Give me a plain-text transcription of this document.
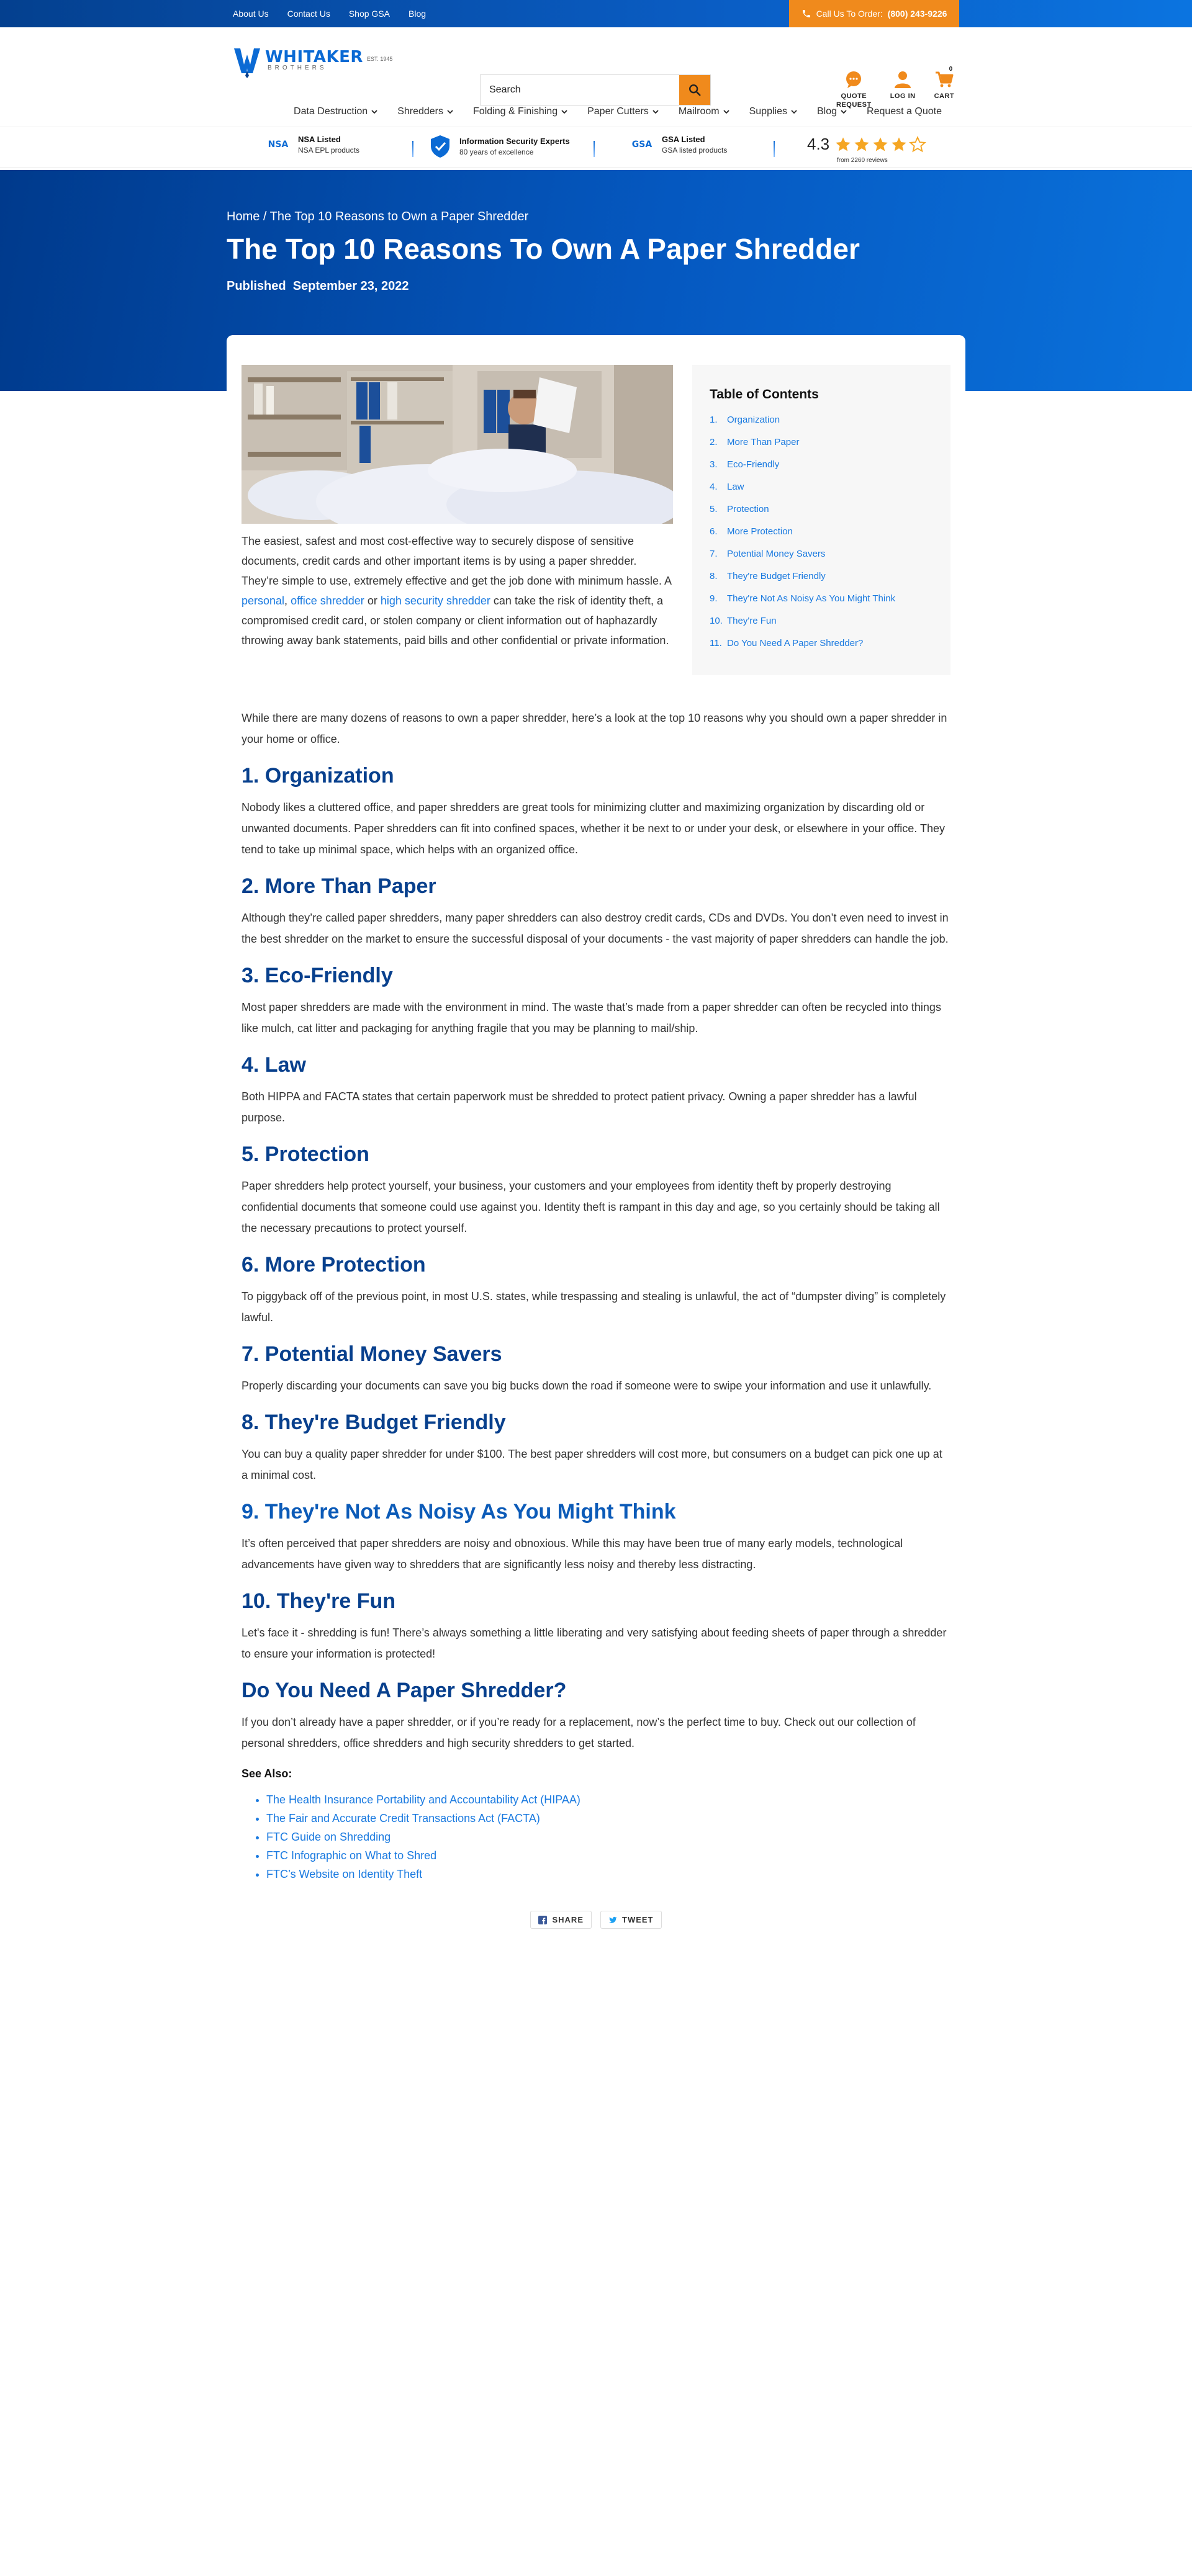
About Us Contact Us Shop GSA Blog	Call Us To Order: (800) 243-9226
WHITAKER EST. 1945
BROTHERS
Search
QUOTE
REQUEST
LOG IN
0
CART
Data Destruction	Shredders	Folding & Finishing	Paper Cutters	Mailroom	Supplies	Blog	Request a Quote
NSA
NSA Listed
NSA EPL products
Information Security Experts
80 years of excellence
GSA
GSA Listed
GSA listed products	4.3
from 2260 reviews
Home / The Top 10 Reasons to Own a Paper Shredder
The Top 10 Reasons To Own A Paper Shredder
Published September 23, 2022

The easiest, safest and most cost-effective way to securely dispose of sensitive documents, credit cards and other important items is by using a paper shredder. They’re simple to use, extremely effective and get the job done with minimum hassle. A personal, office shredder or high security shredder can take the risk of identity theft, a compromised credit card, or stolen company or client information out of haphazardly throwing away bank statements, paid bills and other confidential or private information.

Table of Contents
1.	Organization
2.	More Than Paper
3.	Eco-Friendly
4.	Law
5.	Protection
6.	More Protection
7.	Potential Money Savers
8.	They're Budget Friendly
9.	They're Not As Noisy As You Might Think
10. They're Fun
11. Do You Need A Paper Shredder?

While there are many dozens of reasons to own a paper shredder, here’s a look at the top 10 reasons why you should own a paper shredder in your home or office.

1. Organization

Nobody likes a cluttered office, and paper shredders are great tools for minimizing clutter and maximizing organization by discarding old or unwanted documents. Paper shredders can fit into confined spaces, whether it be next to or under your desk, or elsewhere in your office. They tend to take up minimal space, which helps with an organized office.

2. More Than Paper

Although they’re called paper shredders, many paper shredders can also destroy credit cards, CDs and DVDs. You don’t even need to invest in the best shredder on the market to ensure the successful disposal of your documents - the vast majority of paper shredders can handle the job.

3. Eco-Friendly

Most paper shredders are made with the environment in mind. The waste that’s made from a paper shredder can often be recycled into things like mulch, cat litter and packaging for anything fragile that you may be planning to mail/ship.

4. Law

Both HIPPA and FACTA states that certain paperwork must be shredded to protect patient privacy. Owning a paper shredder has a lawful purpose.

5. Protection

Paper shredders help protect yourself, your business, your customers and your employees from identity theft by properly destroying confidential documents that someone could use against you. Identity theft is rampant in this day and age, so you certainly should be taking all the necessary precautions to protect yourself.

6. More Protection

To piggyback off of the previous point, in most U.S. states, while trespassing and stealing is unlawful, the act of “dumpster diving” is completely lawful.

7. Potential Money Savers

Properly discarding your documents can save you big bucks down the road if someone were to swipe your information and use it unlawfully.

8. They're Budget Friendly

You can buy a quality paper shredder for under $100. The best paper shredders will cost more, but consumers on a budget can pick one up at a minimal cost.

9. They're Not As Noisy As You Might Think

It’s often perceived that paper shredders are noisy and obnoxious. While this may have been true of many early models, technological advancements have given way to shredders that are significantly less noisy and thereby less distracting.

10. They're Fun

Let's face it - shredding is fun! There’s always something a little liberating and very satisfying about feeding sheets of paper through a shredder to ensure your information is protected!

Do You Need A Paper Shredder?

If you don’t already have a paper shredder, or if you’re ready for a replacement, now’s the perfect time to buy. Check out our collection of personal shredders, office shredders and high security shredders to get started.

See Also:
• The Health Insurance Portability and Accountability Act (HIPAA)
• The Fair and Accurate Credit Transactions Act (FACTA)
• FTC Guide on Shredding
• FTC Infographic on What to Shred
• FTC’s Website on Identity Theft
SHARE	TWEET
